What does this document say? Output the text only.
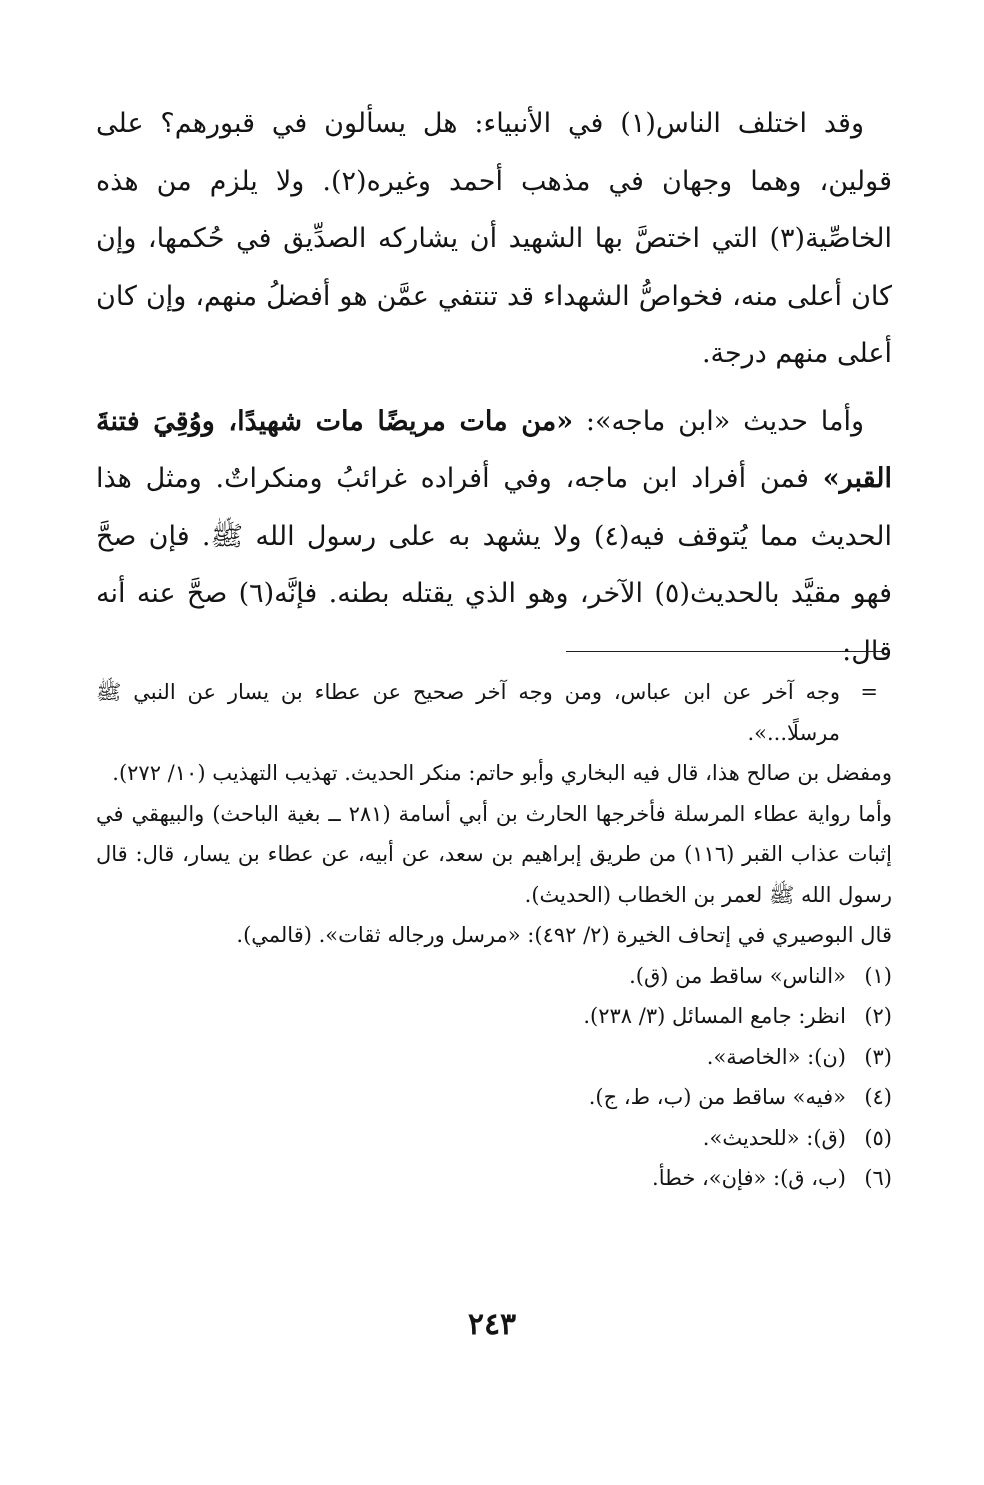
وقد اختلف الناس(١) في الأنبياء: هل يسألون في قبورهم؟ على قولين، وهما وجهان في مذهب أحمد وغيره(٢). ولا يلزم من هذه الخاصِّية(٣) التي اختصَّ بها الشهيد أن يشاركه الصدِّيق في حُكمها، وإن كان أعلى منه، فخواصُّ الشهداء قد تنتفي عمَّن هو أفضلُ منهم، وإن كان أعلى منهم درجة.

وأما حديث «ابن ماجه»: «من مات مريضًا مات شهيدًا، ووُقِيَ فتنةَ القبر» فمن أفراد ابن ماجه، وفي أفراده غرائبُ ومنكراتٌ. ومثل هذا الحديث مما يُتوقف فيه(٤) ولا يشهد به على رسول الله ﷺ. فإن صحَّ فهو مقيَّد بالحديث(٥) الآخر، وهو الذي يقتله بطنه. فإنَّه(٦) صحَّ عنه أنه قال:

=
وجه آخر عن ابن عباس، ومن وجه آخر صحيح عن عطاء بن يسار عن النبي ﷺ مرسلًا...».

ومفضل بن صالح هذا، قال فيه البخاري وأبو حاتم: منكر الحديث. تهذيب التهذيب (١٠/ ٢٧٢).

وأما رواية عطاء المرسلة فأخرجها الحارث بن أبي أسامة (٢٨١ ــ بغية الباحث) والبيهقي في إثبات عذاب القبر (١١٦) من طريق إبراهيم بن سعد، عن أبيه، عن عطاء بن يسار، قال: قال رسول الله ﷺ لعمر بن الخطاب (الحديث).

قال البوصيري في إتحاف الخيرة (٢/ ٤٩٢): «مرسل ورجاله ثقات». (قالمي).

(١)«الناس» ساقط من (ق).

(٢)انظر: جامع المسائل (٣/ ٢٣٨).

(٣)(ن): «الخاصة».

(٤)«فيه» ساقط من (ب، ط، ج).

(٥)(ق): «للحديث».

(٦)(ب، ق): «فإن»، خطأ.

٢٤٣
